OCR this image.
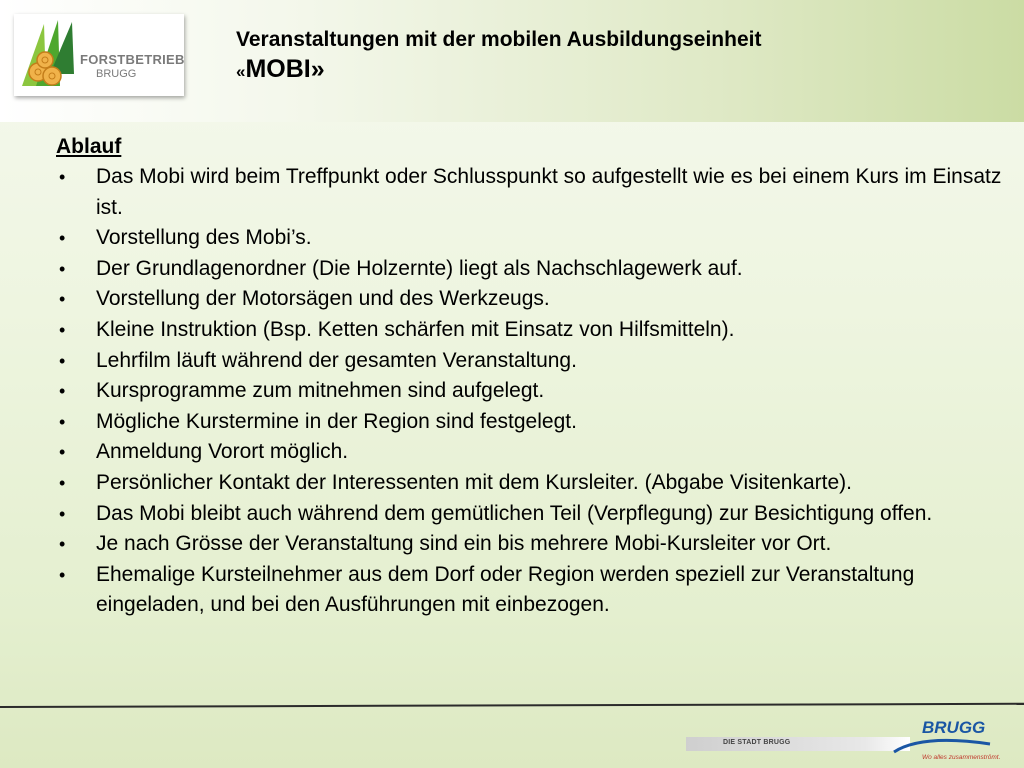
FORSTBETRIEB
BRUGG
Veranstaltungen mit der mobilen Ausbildungseinheit
«MOBI»
Ablauf
• Das Mobi wird beim Treffpunkt oder Schlusspunkt so aufgestellt wie es bei einem Kurs im Einsatz ist.
• Vorstellung des Mobi’s.
• Der Grundlagenordner (Die Holzernte) liegt als Nachschlagewerk auf.
• Vorstellung der Motorsägen und des Werkzeugs.
• Kleine Instruktion (Bsp. Ketten schärfen mit Einsatz von Hilfsmitteln).
• Lehrfilm läuft während der gesamten Veranstaltung.
• Kursprogramme zum mitnehmen sind aufgelegt.
• Mögliche Kurstermine in der Region sind festgelegt.
• Anmeldung Vorort möglich.
• Persönlicher Kontakt der Interessenten mit dem Kursleiter. (Abgabe Visitenkarte).
• Das Mobi bleibt auch während dem gemütlichen Teil (Verpflegung) zur Besichtigung offen.
• Je nach Grösse der Veranstaltung sind ein bis mehrere Mobi-Kursleiter vor Ort.
• Ehemalige Kursteilnehmer aus dem Dorf oder Region werden speziell zur Veranstaltung eingeladen, und bei den Ausführungen mit einbezogen.
DIE STADT BRUGG
BRUGG
Wo alles zusammenströmt.
